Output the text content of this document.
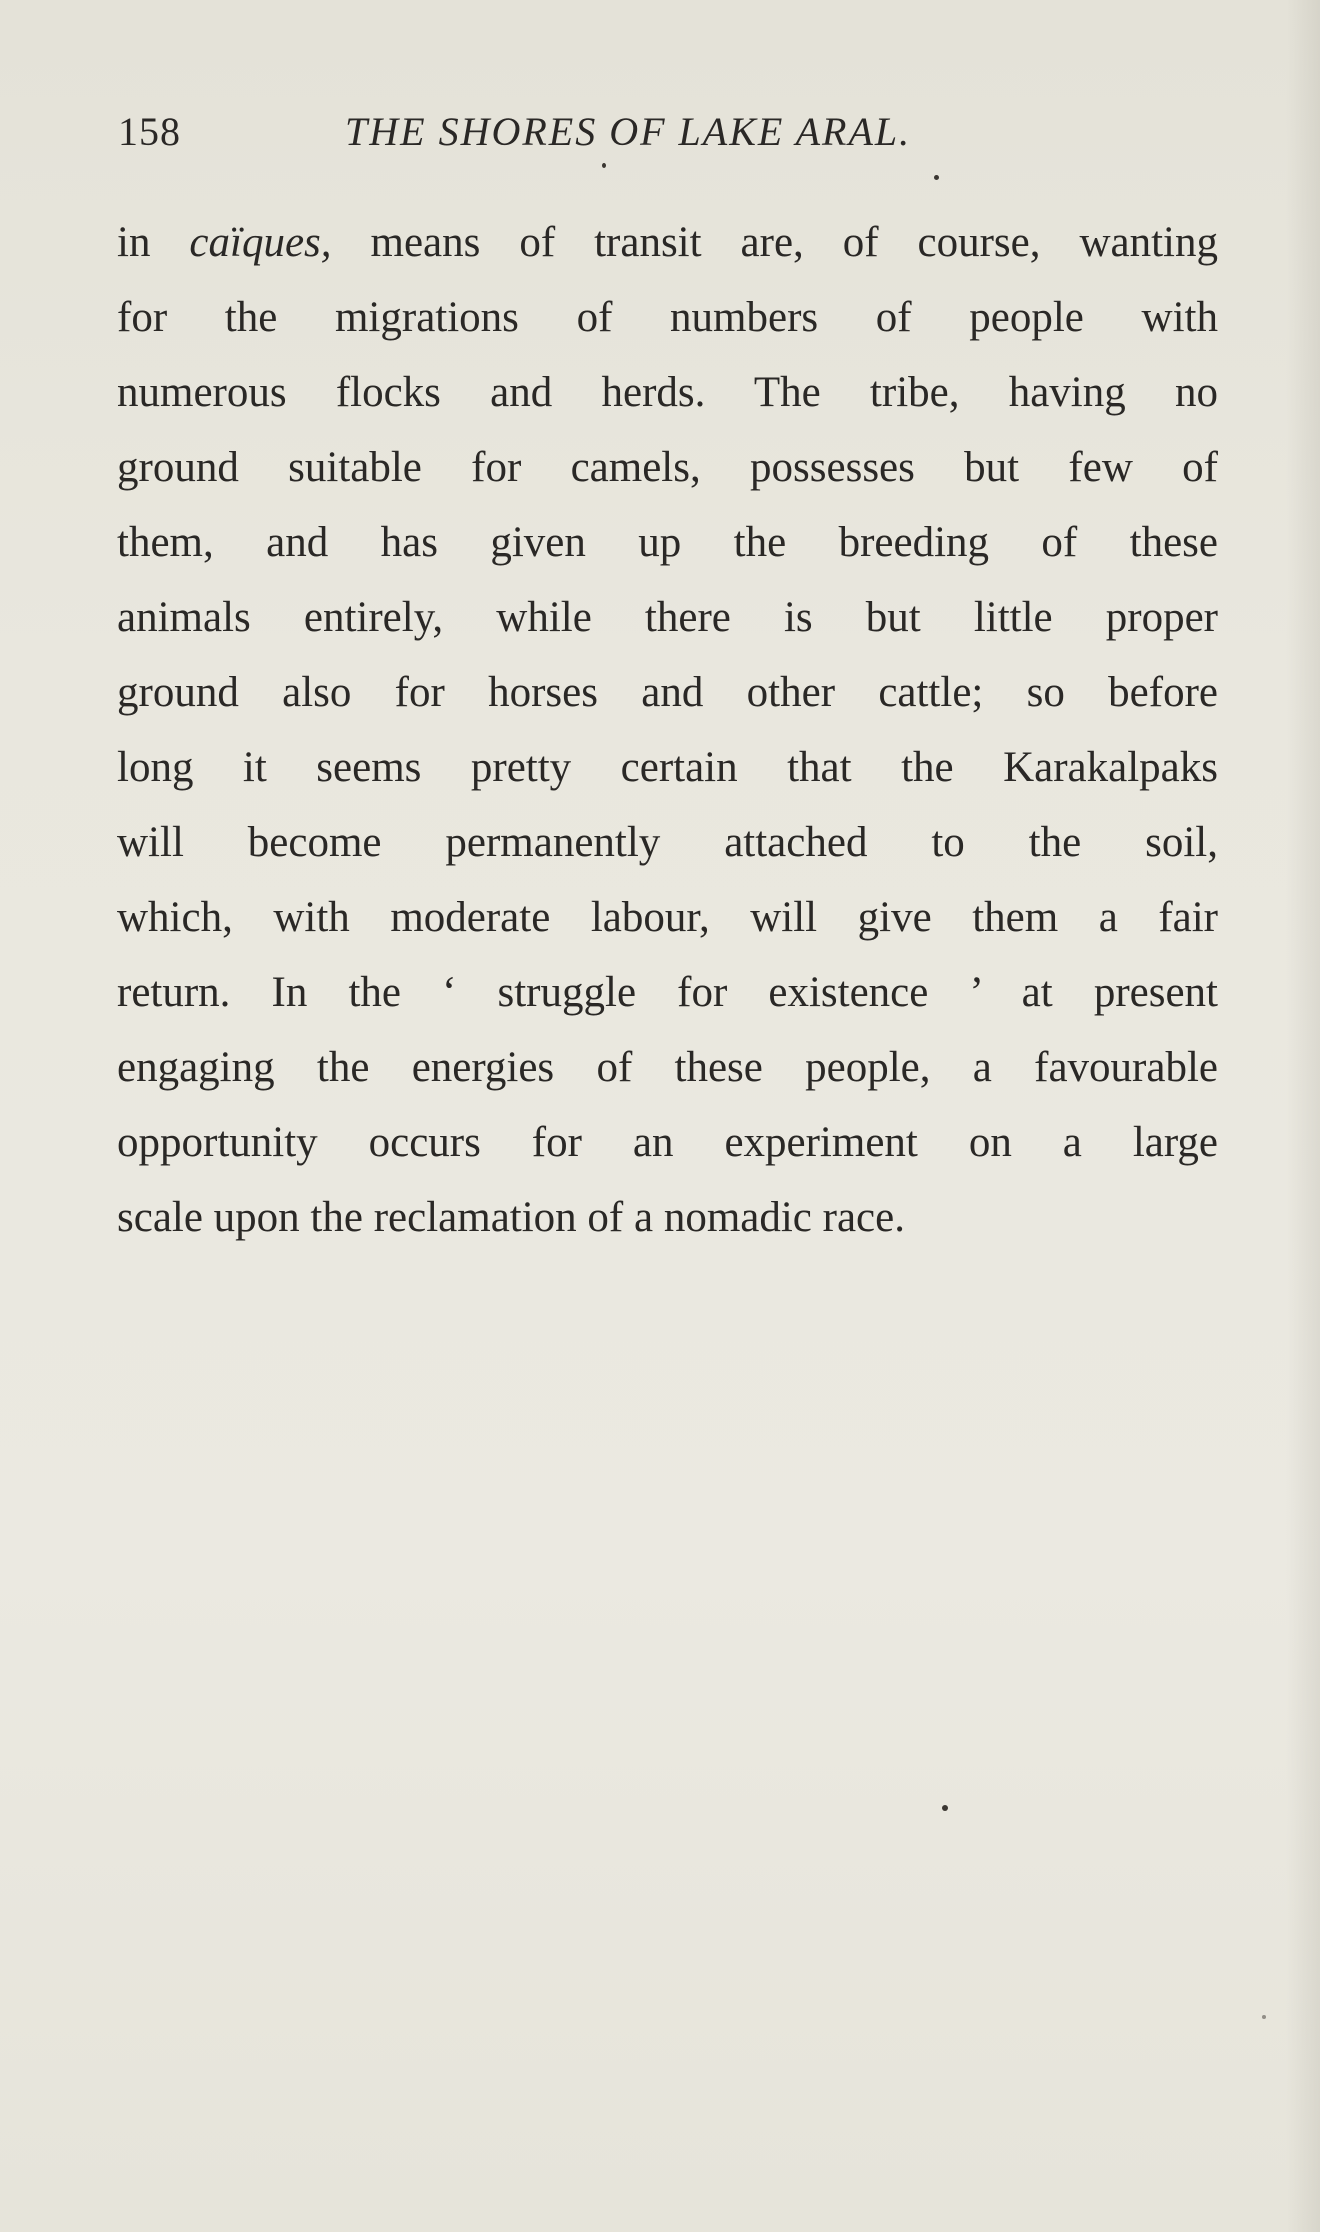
158	THE SHORES OF LAKE ARAL.
in caïques, means of transit are, of course, wanting
for the migrations of numbers of people with
numerous flocks and herds. The tribe, having no
ground suitable for camels, possesses but few of
them, and has given up the breeding of these
animals entirely, while there is but little proper
ground also for horses and other cattle; so before
long it seems pretty certain that the Karakalpaks
will become permanently attached to the soil,
which, with moderate labour, will give them a fair
return. In the ‘ struggle for existence ’ at present
engaging the energies of these people, a favourable
opportunity occurs for an experiment on a large
scale upon the reclamation of a nomadic race.
